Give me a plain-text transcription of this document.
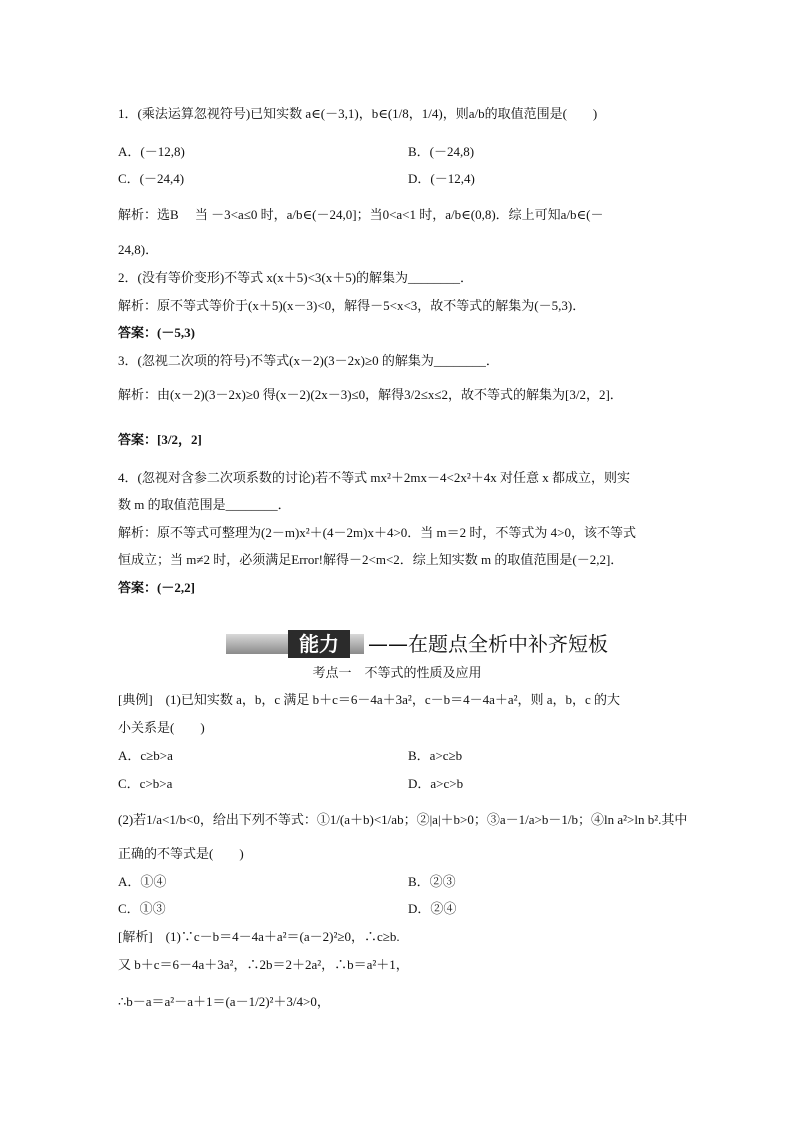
1．(乘法运算忽视符号)已知实数 a∈(－3,1)，b∈(1/8，1/4)，则a/b的取值范围是(　　)
A．(－12,8)	B．(－24,8)
C．(－24,4)	D．(－12,4)
解析：选B　 当 －3<a≤0 时，a/b∈(－24,0]；当0<a<1 时，a/b∈(0,8)．综上可知a/b∈(－
24,8)．
2．(没有等价变形)不等式 x(x＋5)<3(x＋5)的解集为________．
解析：原不等式等价于(x＋5)(x－3)<0，解得－5<x<3，故不等式的解集为(－5,3)．
答案：(－5,3)
3．(忽视二次项的符号)不等式(x－2)(3－2x)≥0 的解集为________．
解析：由(x－2)(3－2x)≥0 得(x－2)(2x－3)≤0，解得3/2≤x≤2，故不等式的解集为[3/2，2]．
答案：[3/2，2]
4．(忽视对含参二次项系数的讨论)若不等式 mx²＋2mx－4<2x²＋4x 对任意 x 都成立，则实
数 m 的取值范围是________．
解析：原不等式可整理为(2－m)x²＋(4－2m)x＋4>0．当 m＝2 时，不等式为 4>0，该不等式
恒成立；当 m≠2 时，必须满足Error!解得－2<m<2．综上知实数 m 的取值范围是(－2,2]．
答案：(－2,2]
能力	——在题点全析中补齐短板
考点一　不等式的性质及应用
[典例]　(1)已知实数 a，b，c 满足 b＋c＝6－4a＋3a²，c－b＝4－4a＋a²，则 a，b，c 的大
小关系是(　　)
A．c≥b>a	B．a>c≥b
C．c>b>a	D．a>c>b
(2)若1/a<1/b<0，给出下列不等式：①1/(a＋b)<1/ab；②|a|＋b>0；③a－1/a>b－1/b；④ln a²>ln b².其中
正确的不等式是(　　)
A．①④	B．②③
C．①③	D．②④
[解析]　(1)∵c－b＝4－4a＋a²＝(a－2)²≥0，∴c≥b.
又 b＋c＝6－4a＋3a²，∴2b＝2＋2a²，∴b＝a²＋1，
∴b－a＝a²－a＋1＝(a－1/2)²＋3/4>0，
